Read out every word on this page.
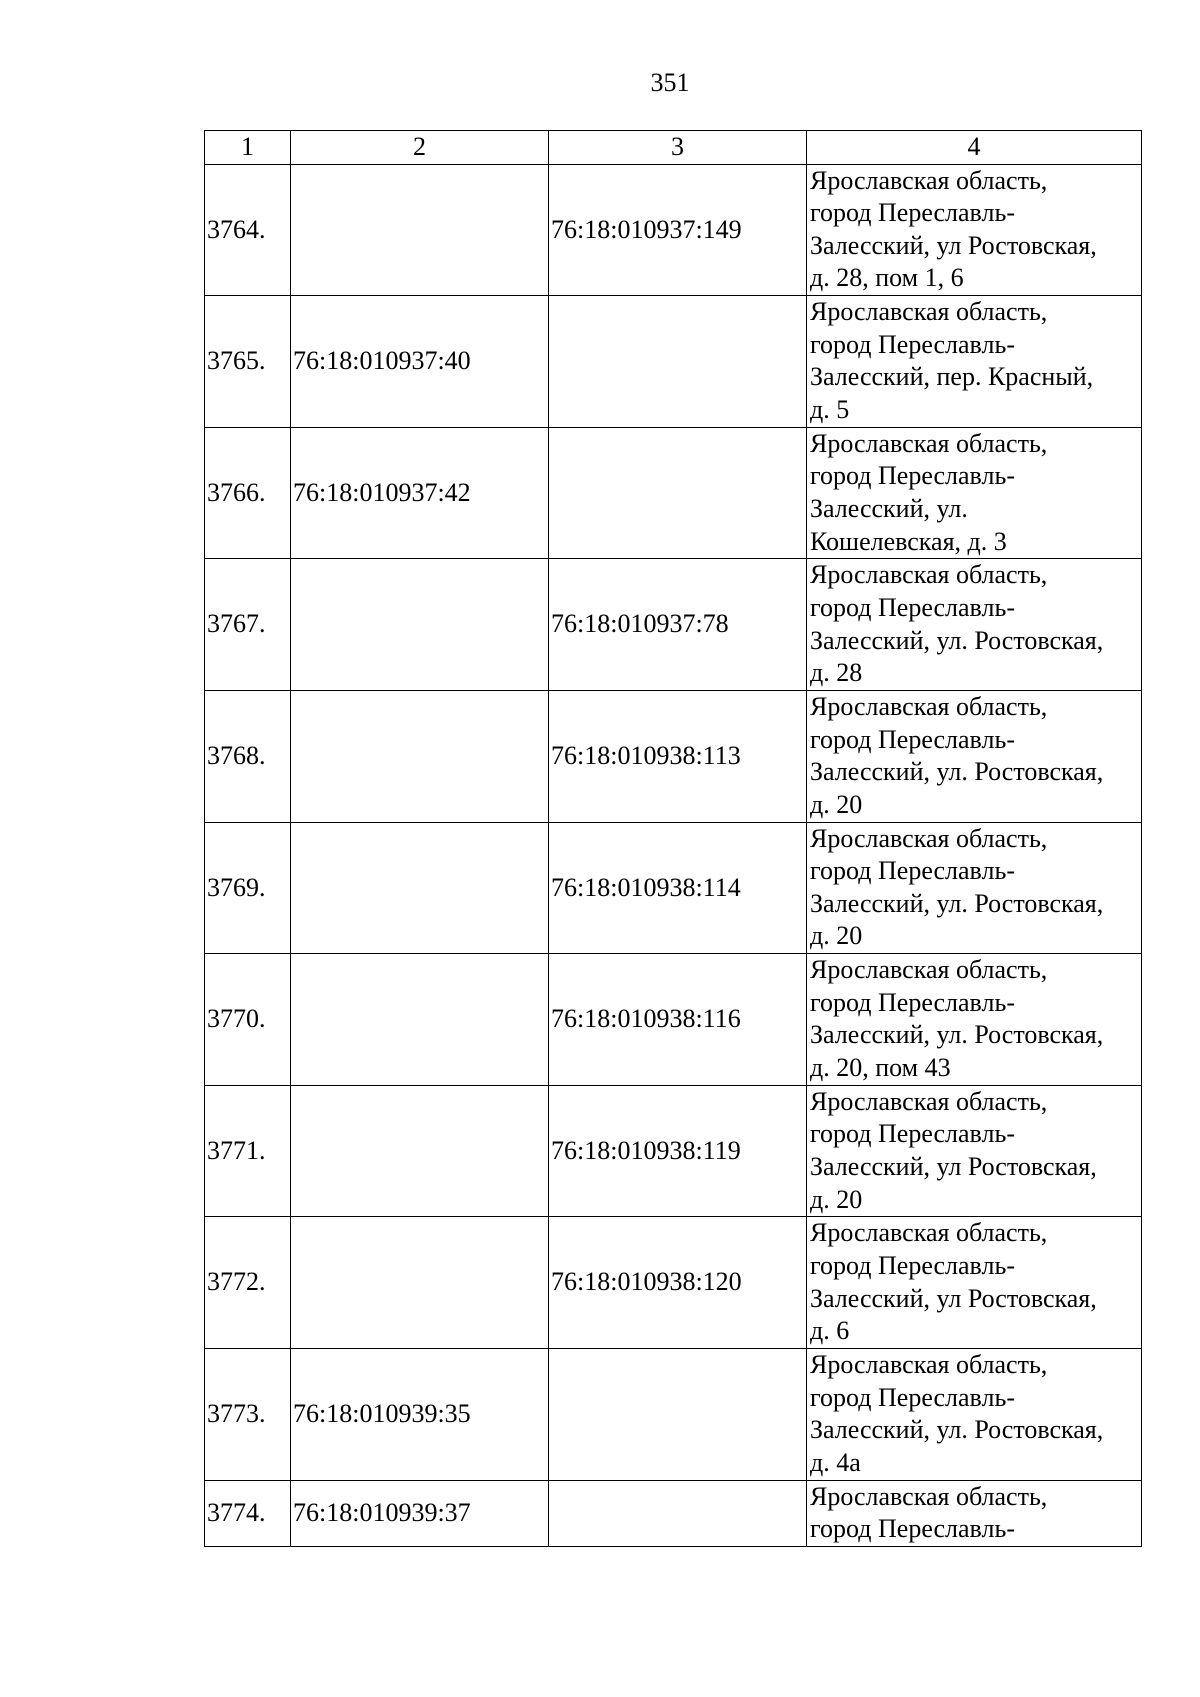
351
1	2	3	4
3764.		76:18:010937:149	Ярославская область,
город Переславль-
Залесский, ул Ростовская,
д. 28, пом 1, 6
3765.	76:18:010937:40		Ярославская область,
город Переславль-
Залесский, пер. Красный,
д. 5
3766.	76:18:010937:42		Ярославская область,
город Переславль-
Залесский, ул.
Кошелевская, д. 3
3767.		76:18:010937:78	Ярославская область,
город Переславль-
Залесский, ул. Ростовская,
д. 28
3768.		76:18:010938:113	Ярославская область,
город Переславль-
Залесский, ул. Ростовская,
д. 20
3769.		76:18:010938:114	Ярославская область,
город Переславль-
Залесский, ул. Ростовская,
д. 20
3770.		76:18:010938:116	Ярославская область,
город Переславль-
Залесский, ул. Ростовская,
д. 20, пом 43
3771.		76:18:010938:119	Ярославская область,
город Переславль-
Залесский, ул Ростовская,
д. 20
3772.		76:18:010938:120	Ярославская область,
город Переславль-
Залесский, ул Ростовская,
д. 6
3773.	76:18:010939:35		Ярославская область,
город Переславль-
Залесский, ул. Ростовская,
д. 4а
3774.	76:18:010939:37		Ярославская область,
город Переславль-
